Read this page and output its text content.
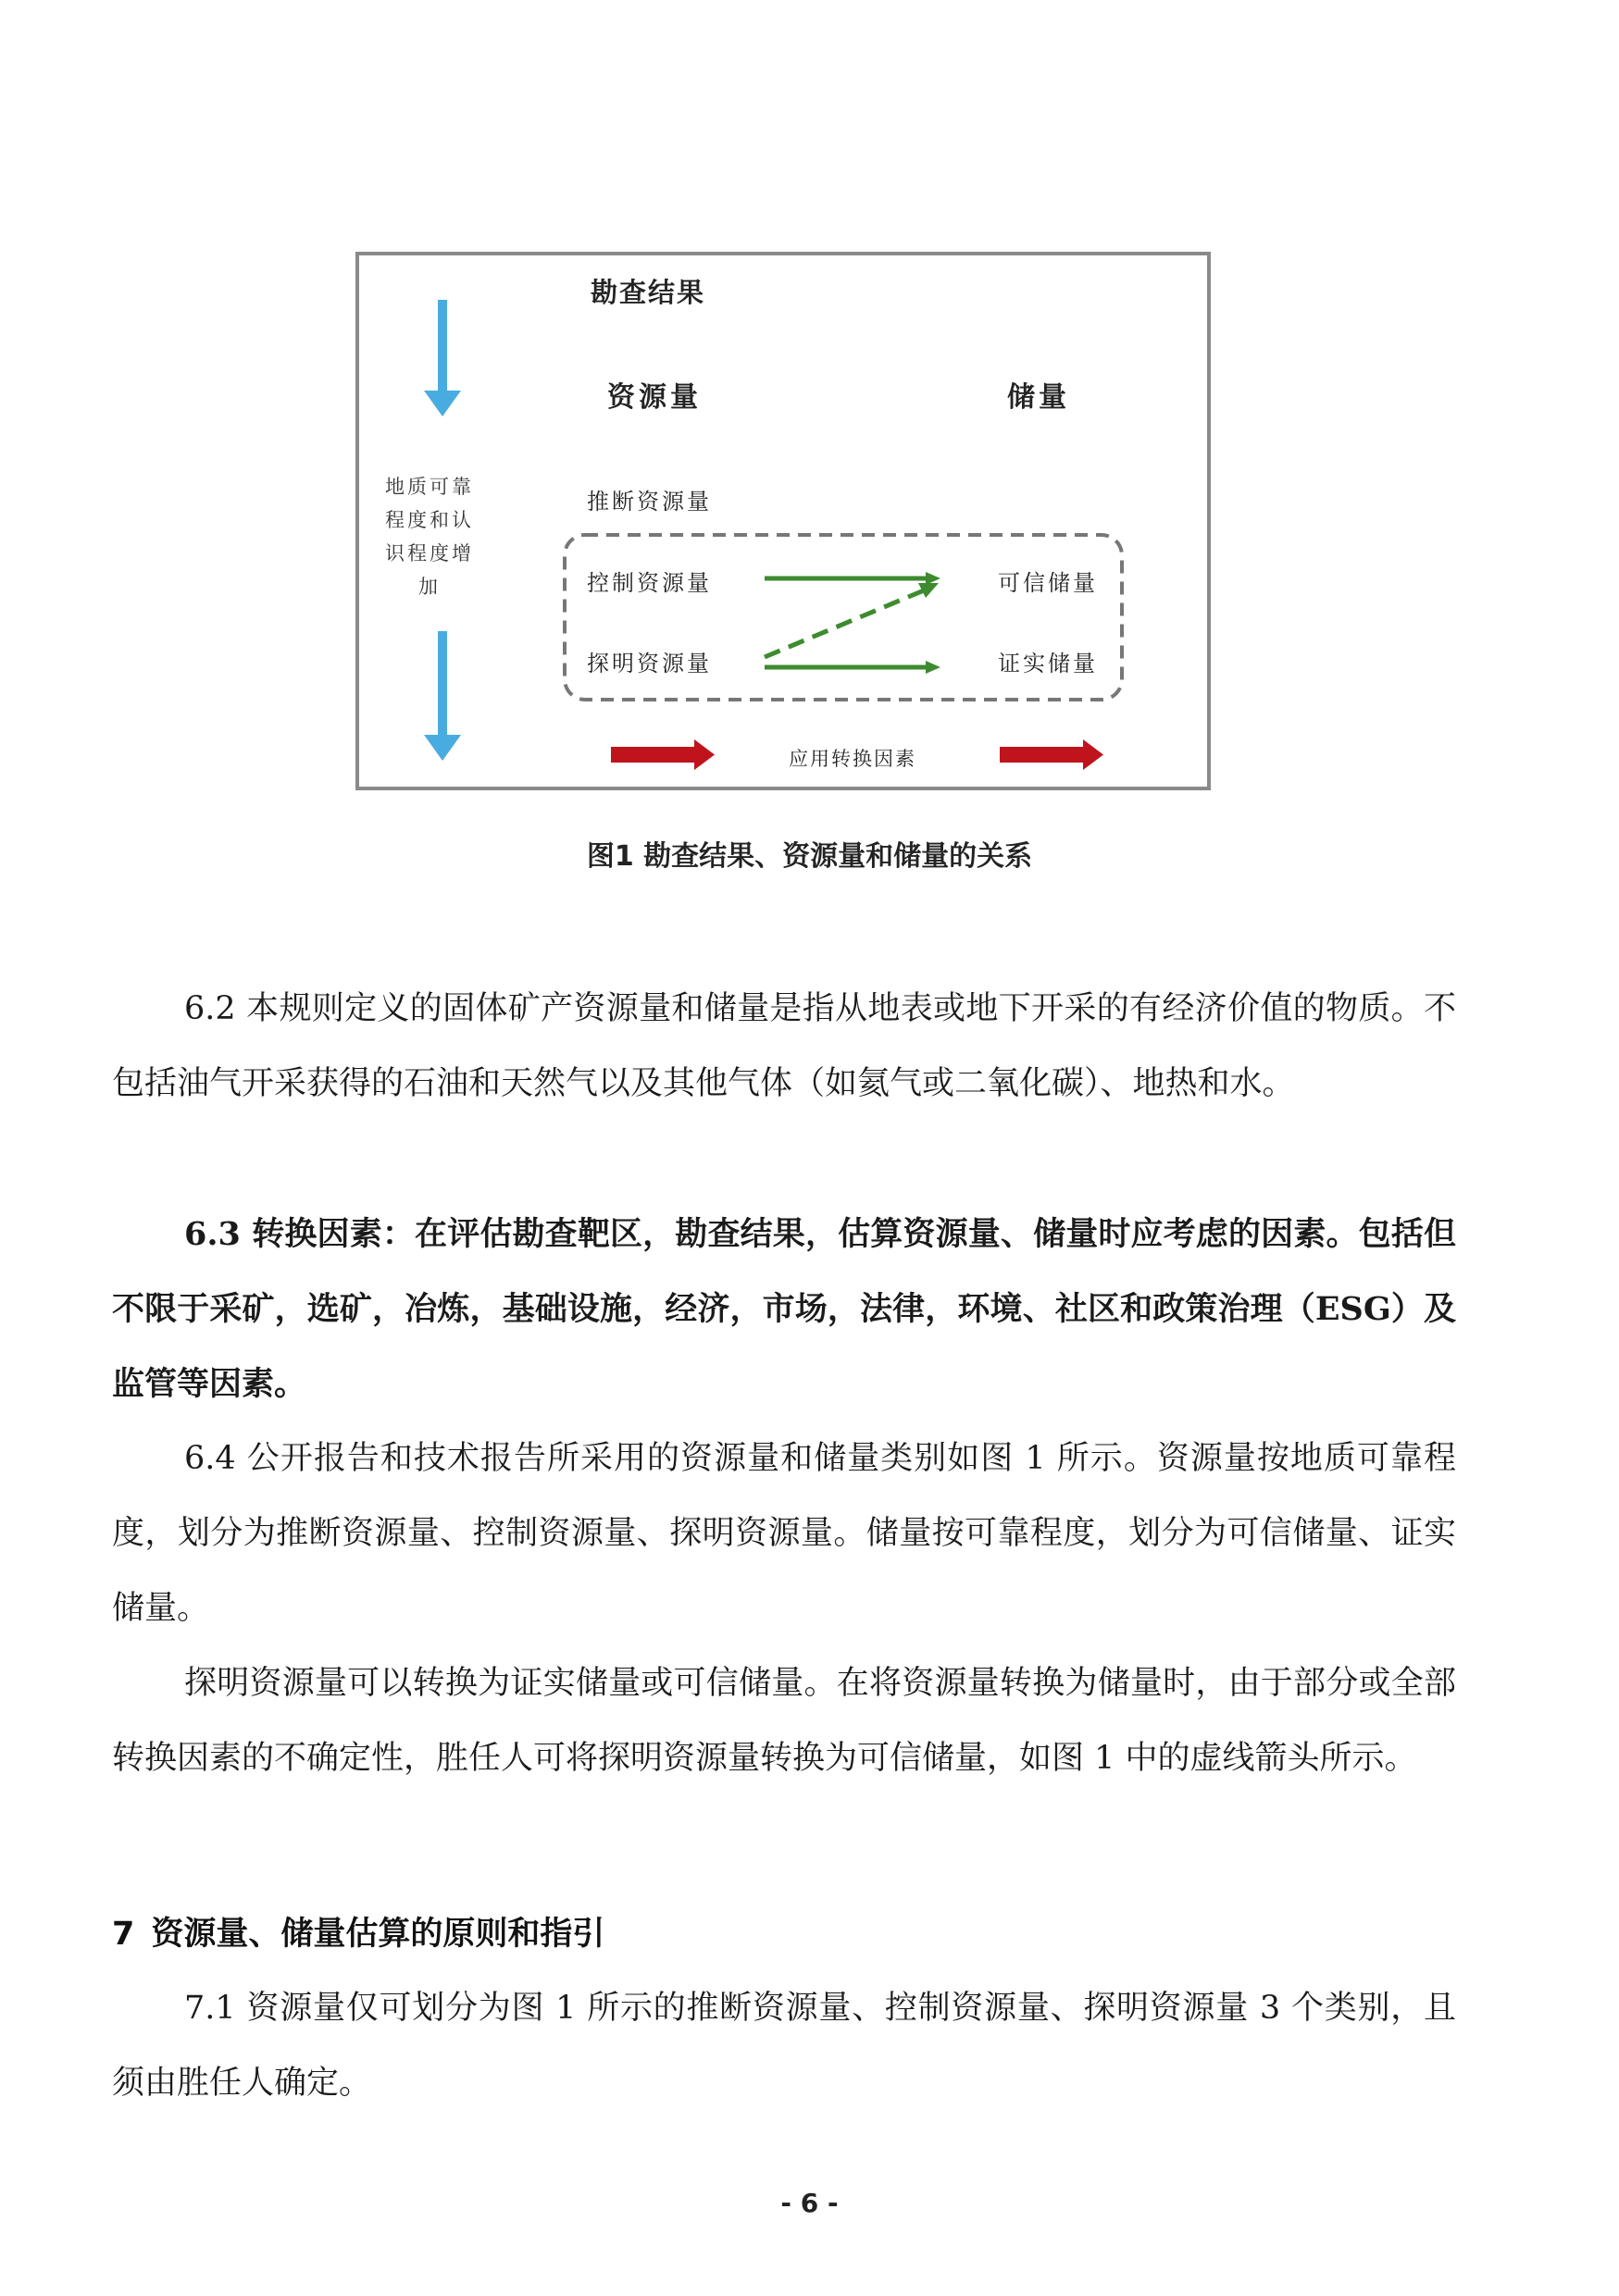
勘查结果
资源量	储量
地质可靠程度和认识程度增加
推断资源量
控制资源量
探明资源量
可信储量
证实储量
应用转换因素
图1 勘查结果、资源量和储量的关系

6.2 本规则定义的固体矿产资源量和储量是指从地表或地下开采的有经济价值的物质。不包括油气开采获得的石油和天然气以及其他气体（如氦气或二氧化碳）、地热和水。

6.3 转换因素：在评估勘查靶区，勘查结果，估算资源量、储量时应考虑的因素。包括但不限于采矿，选矿，冶炼，基础设施，经济，市场，法律，环境、社区和政策治理（ESG）及监管等因素。

6.4 公开报告和技术报告所采用的资源量和储量类别如图 1 所示。资源量按地质可靠程度，划分为推断资源量、控制资源量、探明资源量。储量按可靠程度，划分为可信储量、证实储量。

探明资源量可以转换为证实储量或可信储量。在将资源量转换为储量时，由于部分或全部转换因素的不确定性，胜任人可将探明资源量转换为可信储量，如图 1 中的虚线箭头所示。

7 资源量、储量估算的原则和指引

7.1 资源量仅可划分为图 1 所示的推断资源量、控制资源量、探明资源量 3 个类别，且须由胜任人确定。

- 6 -
